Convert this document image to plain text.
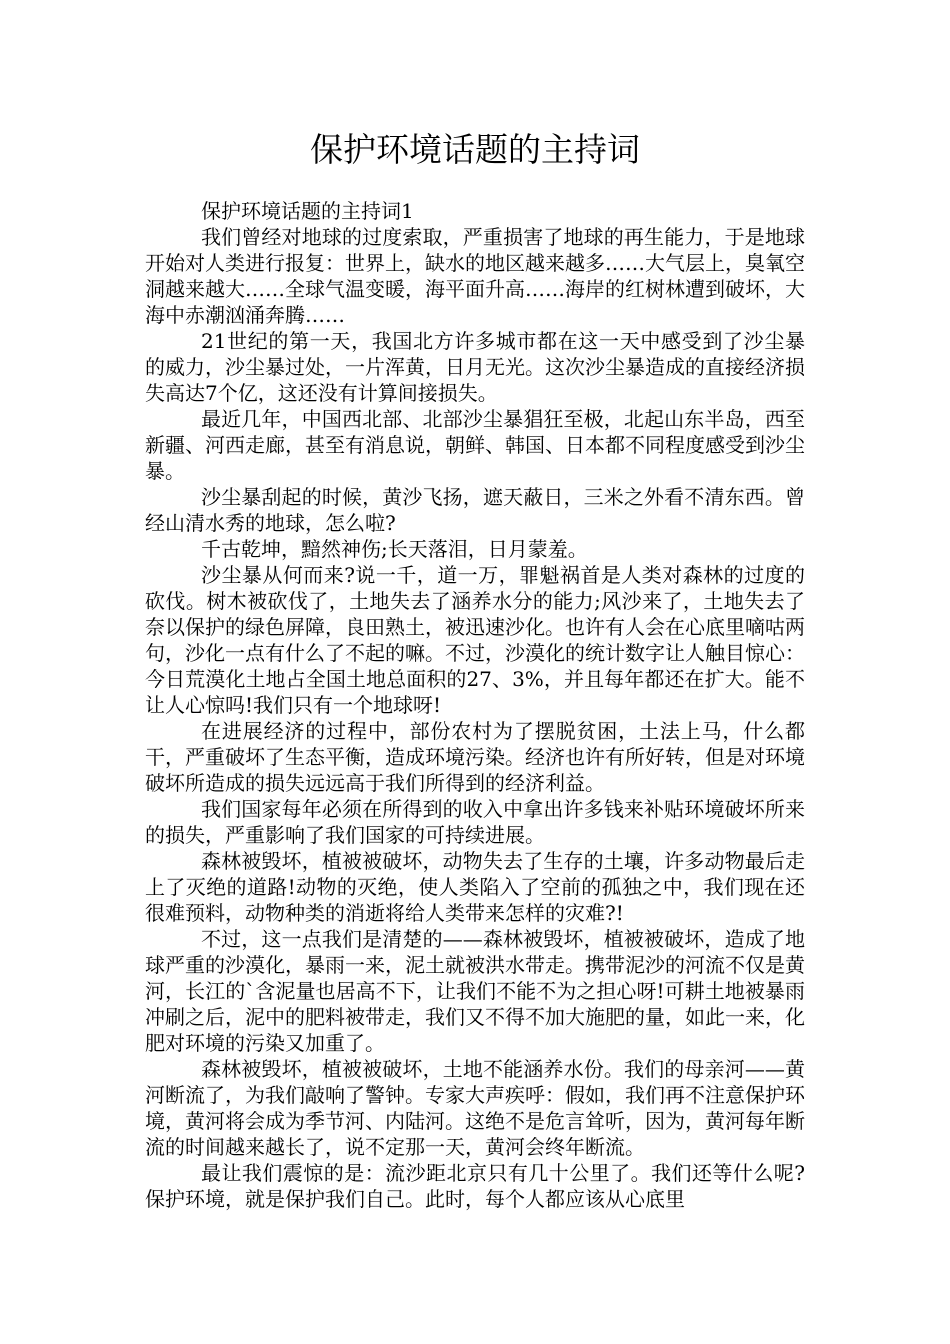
保护环境话题的主持词

保护环境话题的主持词1

我们曾经对地球的过度索取，严重损害了地球的再生能力，于是地球开始对人类进行报复：世界上，缺水的地区越来越多……大气层上，臭氧空洞越来越大……全球气温变暖，海平面升高……海岸的红树林遭到破坏，大海中赤潮汹涌奔腾……

21世纪的第一天，我国北方许多城市都在这一天中感受到了沙尘暴的威力，沙尘暴过处，一片浑黄，日月无光。这次沙尘暴造成的直接经济损失高达7个亿，这还没有计算间接损失。

最近几年，中国西北部、北部沙尘暴猖狂至极，北起山东半岛，西至新疆、河西走廊，甚至有消息说，朝鲜、韩国、日本都不同程度感受到沙尘暴。

沙尘暴刮起的时候，黄沙飞扬，遮天蔽日，三米之外看不清东西。曾经山清水秀的地球，怎么啦?

千古乾坤，黯然神伤;长天落泪，日月蒙羞。

沙尘暴从何而来?说一千，道一万，罪魁祸首是人类对森林的过度的砍伐。树木被砍伐了，土地失去了涵养水分的能力;风沙来了，土地失去了奈以保护的绿色屏障，良田熟土，被迅速沙化。也许有人会在心底里嘀咕两句，沙化一点有什么了不起的嘛。不过，沙漠化的统计数字让人触目惊心：今日荒漠化土地占全国土地总面积的27、3%，并且每年都还在扩大。能不让人心惊吗!我们只有一个地球呀!

在进展经济的过程中，部份农村为了摆脱贫困，土法上马，什么都干，严重破坏了生态平衡，造成环境污染。经济也许有所好转，但是对环境破坏所造成的损失远远高于我们所得到的经济利益。

我们国家每年必须在所得到的收入中拿出许多钱来补贴环境破坏所来的损失，严重影响了我们国家的可持续进展。

森林被毁坏，植被被破坏，动物失去了生存的土壤，许多动物最后走上了灭绝的道路!动物的灭绝，使人类陷入了空前的孤独之中，我们现在还很难预料，动物种类的消逝将给人类带来怎样的灾难?!

不过，这一点我们是清楚的——森林被毁坏，植被被破坏，造成了地球严重的沙漠化，暴雨一来，泥土就被洪水带走。携带泥沙的河流不仅是黄河，长江的`含泥量也居高不下，让我们不能不为之担心呀!可耕土地被暴雨冲刷之后，泥中的肥料被带走，我们又不得不加大施肥的量，如此一来，化肥对环境的污染又加重了。

森林被毁坏，植被被破坏，土地不能涵养水份。我们的母亲河——黄河断流了，为我们敲响了警钟。专家大声疾呼：假如，我们再不注意保护环境，黄河将会成为季节河、内陆河。这绝不是危言耸听，因为，黄河每年断流的时间越来越长了，说不定那一天，黄河会终年断流。

最让我们震惊的是：流沙距北京只有几十公里了。我们还等什么呢?保护环境，就是保护我们自己。此时，每个人都应该从心底里
